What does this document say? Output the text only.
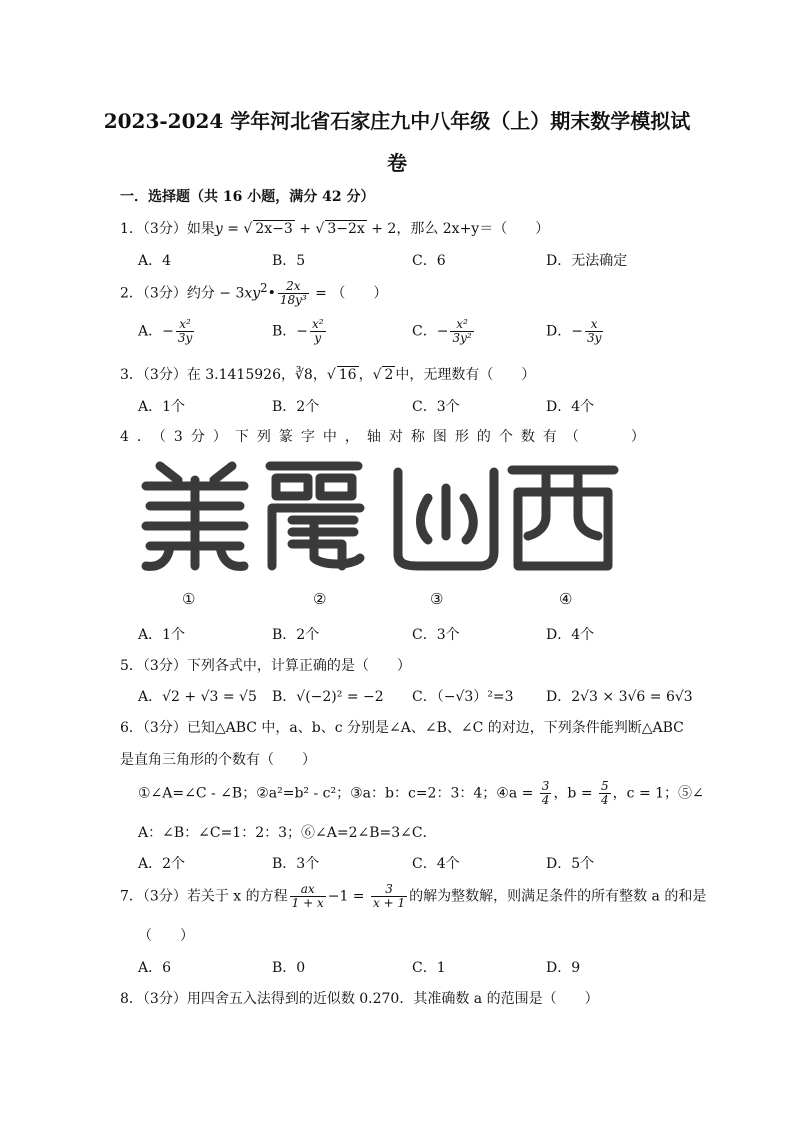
2023-2024 学年河北省石家庄九中八年级（上）期末数学模拟试
卷
一．选择题（共 16 小题，满分 42 分）
1．（3分）如果y = √ 2x−3 + √ 3−2x + 2，那么 2x+y＝（　　）
A．4	B．5	C．6	D．无法确定
2．（3分）约分 − $3xy^2• \frac{2x}{\text{18y³}}$ = （　　）
A．− $\frac{\text{x²}}{3y}$	B．− $\frac{\text{x²}}{y}$	C．− $\frac{\text{x²}}{\text{3y²}}$	D．− $\frac{x}{3y}$
3．（3分）在 3.1415926，∛8，√ 16 ，√ 2 中，无理数有（　　）
A．1个	B．2个	C．3个	D．4个
4．（3分）下列篆字中，轴对称图形的个数有（　　）
①	②	③	④
A．1个	B．2个	C．3个	D．4个
5．（3分）下列各式中，计算正确的是（　　）
A．√2 + √3 = √5 B．√(−2)² = −2 C．（−√3）²=3 D．2√3 × 3√6 = 6√3
6．（3分）已知△ABC 中，a、b、c 分别是∠A、∠B、∠C 的对边，下列条件能判断△ABC
是直角三角形的个数有（　　）
①∠A=∠C - ∠B；②a²=b² - c²；③a：b：c=2：3：4；④a = $\frac{3}{4}$ ，$b = \frac{5}{4}$ ，c = 1；⑤∠
A：∠B：∠C=1：2：3；⑥∠A=2∠B=3∠C．
A．2个	B．3个	C．4个	D．5个
7．（3分）若关于 x 的方程 $\frac{ax}{1 + x} -1 = \frac{3}{x + 1}$ 的解为整数解，则满足条件的所有整数 a 的和是
（　　）
A．6	B．0	C．1	D．9
8．（3分）用四舍五入法得到的近似数 0.270．其准确数 a 的范围是（　　）
